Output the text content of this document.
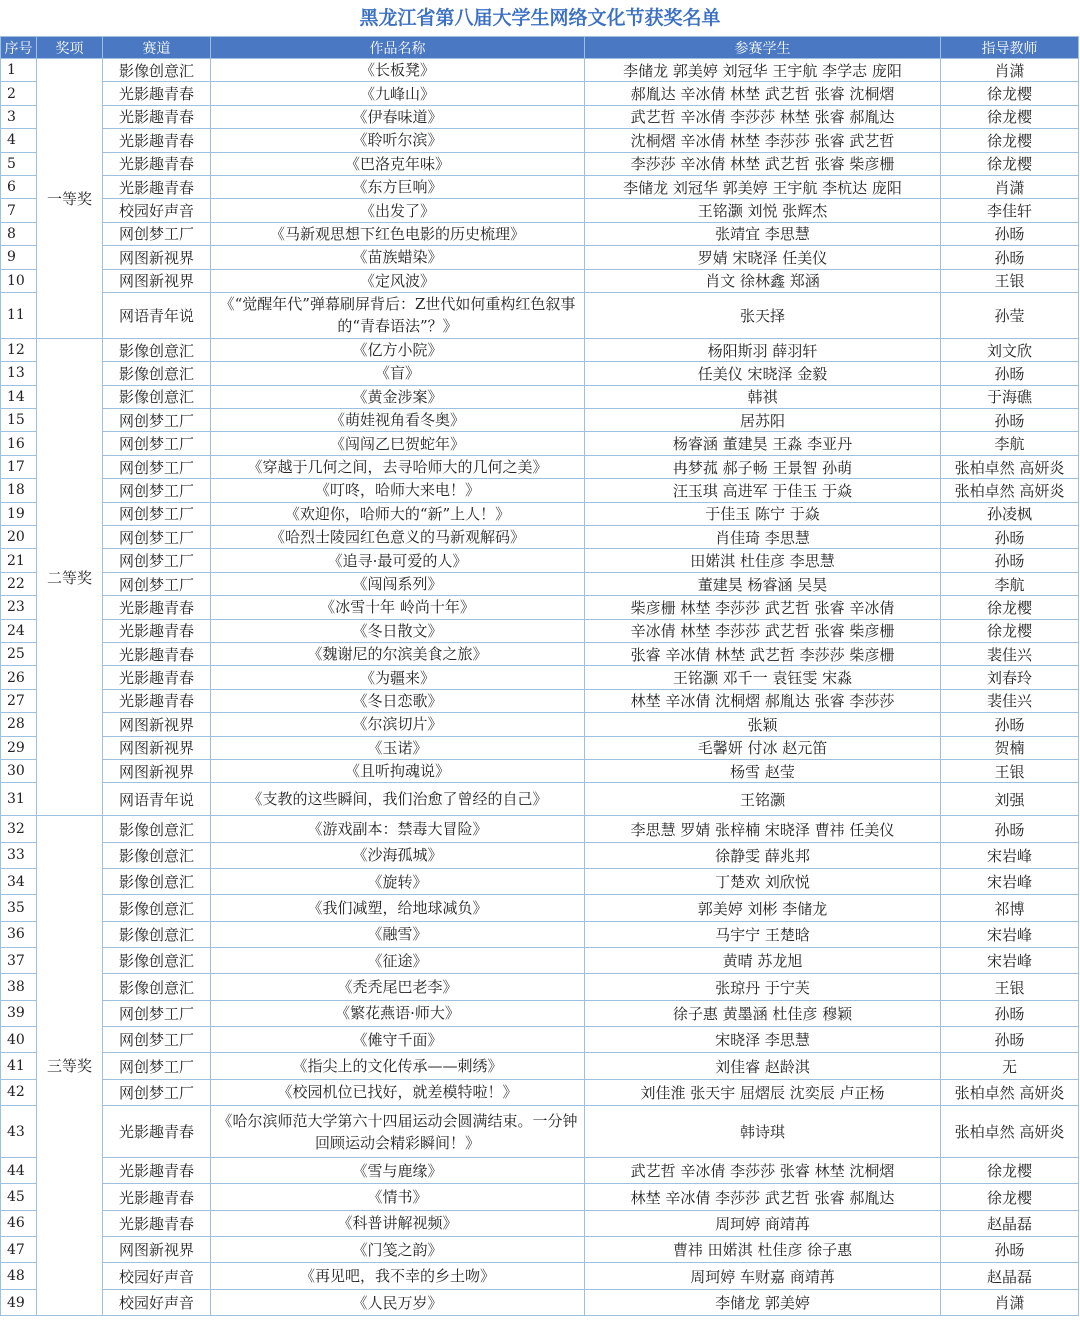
黑龙江省第八届大学生网络文化节获奖名单
序号	奖项	赛道	作品名称	参赛学生	指导教师
1	一等奖	影像创意汇	《长板凳》	李储龙 郭美婷 刘冠华 王宇航 李学志 庞阳	肖潇
2		光影趣青春	《九峰山》	郝胤达 辛冰倩 林埜 武艺哲 张睿 沈桐熠	徐龙樱
3		光影趣青春	《伊春味道》	武艺哲 辛冰倩 李莎莎 林埜 张睿 郝胤达	徐龙樱
4		光影趣青春	《聆听尔滨》	沈桐熠 辛冰倩 林埜 李莎莎 张睿 武艺哲	徐龙樱
5		光影趣青春	《巴洛克年味》	李莎莎 辛冰倩 林埜 武艺哲 张睿 柴彦栅	徐龙樱
6		光影趣青春	《东方巨响》	李储龙 刘冠华 郭美婷 王宇航 李杭达 庞阳	肖潇
7		校园好声音	《出发了》	王铭灏 刘悦 张辉杰	李佳轩
8		网创梦工厂	《马新观思想下红色电影的历史梳理》	张靖宜 李思慧	孙旸
9		网图新视界	《苗族蜡染》	罗婧 宋晓泽 任美仪	孙旸
10		网图新视界	《定风波》	肖文 徐林鑫 郑涵	王银
11		网语青年说	《“觉醒年代”弹幕刷屏背后：Z世代如何重构红色叙事的“青春语法”？》	张天择	孙莹
12	二等奖	影像创意汇	《亿方小院》	杨阳斯羽 薛羽轩	刘文欣
13		影像创意汇	《盲》	任美仪 宋晓泽 金毅	孙旸
14		影像创意汇	《黄金涉案》	韩祺	于海礁
15		网创梦工厂	《萌娃视角看冬奥》	居苏阳	孙旸
16		网创梦工厂	《闯闯乙巳贺蛇年》	杨睿涵 董建昊 王淼 李亚丹	李航
17		网创梦工厂	《穿越于几何之间，去寻哈师大的几何之美》	冉梦菰 郝子畅 王景智 孙萌	张柏卓然 高妍炎
18		网创梦工厂	《叮咚，哈师大来电！》	汪玉琪 高进军 于佳玉 于焱	张柏卓然 高妍炎
19		网创梦工厂	《欢迎你，哈师大的“新”上人！》	于佳玉 陈宁 于焱	孙凌枫
20		网创梦工厂	《哈烈士陵园红色意义的马新观解码》	肖佳琦 李思慧	孙旸
21		网创梦工厂	《追寻·最可爱的人》	田婼淇 杜佳彦 李思慧	孙旸
22		网创梦工厂	《闯闯系列》	董建昊 杨睿涵 吴昊	李航
23		光影趣青春	《冰雪十年 岭尚十年》	柴彦栅 林埜 李莎莎 武艺哲 张睿 辛冰倩	徐龙樱
24		光影趣青春	《冬日散文》	辛冰倩 林埜 李莎莎 武艺哲 张睿 柴彦栅	徐龙樱
25		光影趣青春	《魏谢尼的尔滨美食之旅》	张睿 辛冰倩 林埜 武艺哲 李莎莎 柴彦栅	裴佳兴
26		光影趣青春	《为疆来》	王铭灏 邓千一 袁钰雯 宋淼	刘春玲
27		光影趣青春	《冬日恋歌》	林埜 辛冰倩 沈桐熠 郝胤达 张睿 李莎莎	裴佳兴
28		网图新视界	《尔滨切片》	张颖	孙旸
29		网图新视界	《玉诺》	毛馨妍 付冰 赵元笛	贺楠
30		网图新视界	《且听拘魂说》	杨雪 赵莹	王银
31		网语青年说	《支教的这些瞬间，我们治愈了曾经的自己》	王铭灏	刘强
32	三等奖	影像创意汇	《游戏副本：禁毒大冒险》	李思慧 罗婧 张梓楠 宋晓泽 曹祎 任美仪	孙旸
33		影像创意汇	《沙海孤城》	徐静雯 薛兆邦	宋岩峰
34		影像创意汇	《旋转》	丁楚欢 刘欣悦	宋岩峰
35		影像创意汇	《我们减塑，给地球减负》	郭美婷 刘彬 李储龙	祁博
36		影像创意汇	《融雪》	马宇宁 王楚晗	宋岩峰
37		影像创意汇	《征途》	黄晴 苏龙旭	宋岩峰
38		影像创意汇	《秃秃尾巴老李》	张琼丹 于宁芙	王银
39		网创梦工厂	《繁花燕语·师大》	徐子惠 黄墨涵 杜佳彦 穆颖	孙旸
40		网创梦工厂	《傩守千面》	宋晓泽 李思慧	孙旸
41		网创梦工厂	《指尖上的文化传承——刺绣》	刘佳睿 赵龄淇	无
42		网创梦工厂	《校园机位已找好，就差模特啦！》	刘佳淮 张天宇 屈熠辰 沈奕辰 卢正杨	张柏卓然 高妍炎
43		光影趣青春	《哈尔滨师范大学第六十四届运动会圆满结束。一分钟回顾运动会精彩瞬间！》	韩诗琪	张柏卓然 高妍炎
44		光影趣青春	《雪与鹿缘》	武艺哲 辛冰倩 李莎莎 张睿 林埜 沈桐熠	徐龙樱
45		光影趣青春	《情书》	林埜 辛冰倩 李莎莎 武艺哲 张睿 郝胤达	徐龙樱
46		光影趣青春	《科普讲解视频》	周珂婷 商靖苒	赵晶磊
47		网图新视界	《门笺之韵》	曹祎 田婼淇 杜佳彦 徐子惠	孙旸
48		校园好声音	《再见吧，我不幸的乡土吻》	周珂婷 车财嘉 商靖苒	赵晶磊
49		校园好声音	《人民万岁》	李储龙 郭美婷	肖潇
